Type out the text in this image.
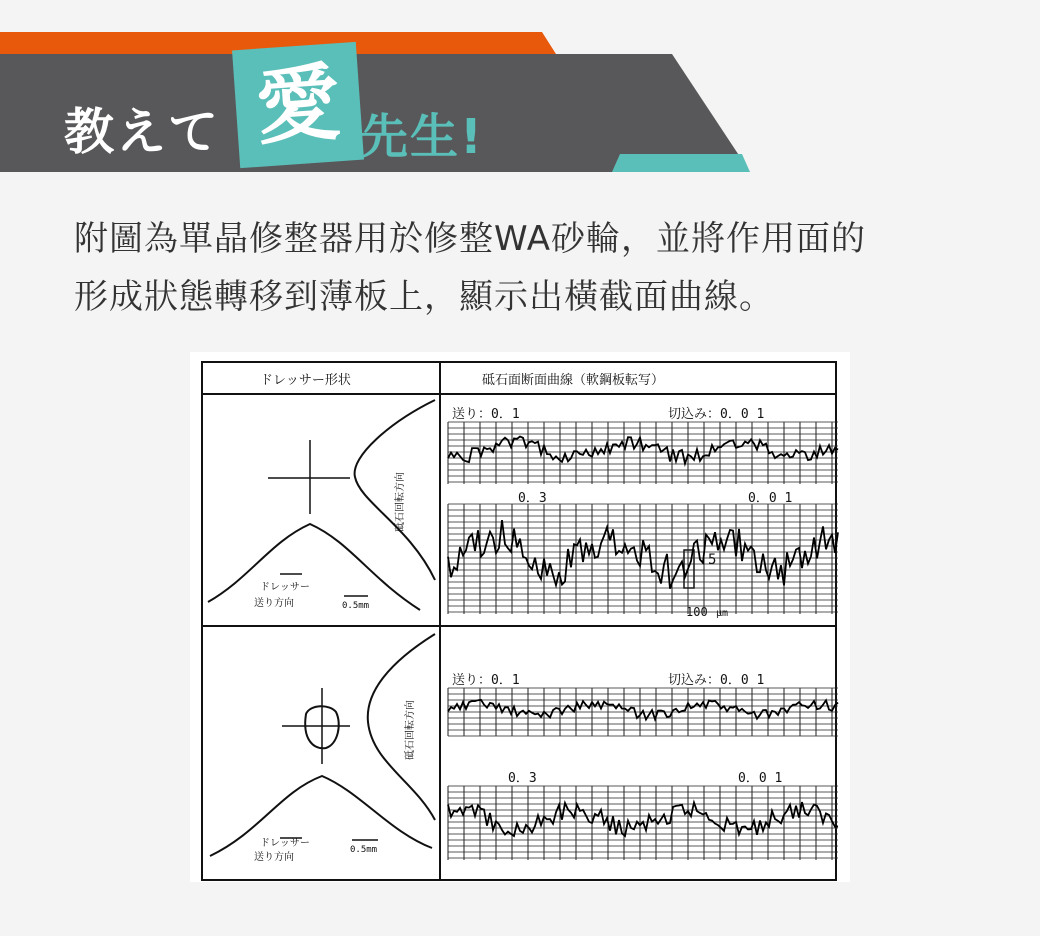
教えて 愛 先生!
附圖為單晶修整器用於修整WA砂輪，並將作用面的
形成狀態轉移到薄板上，顯示出橫截面曲線。
ドレッサー形状	砥石面断面曲線（軟鋼板転写）
砥石回転方向
ドレッサー
送り方向	0.5mm
砥石回転方向
ドレッサー
送り方向
0.5mm
送り：0．1	切込み：0．0 1
0．3	0．0 1
送り：0．1	切込み：0．0 1
0．3	0．0 1
5
100 μm
